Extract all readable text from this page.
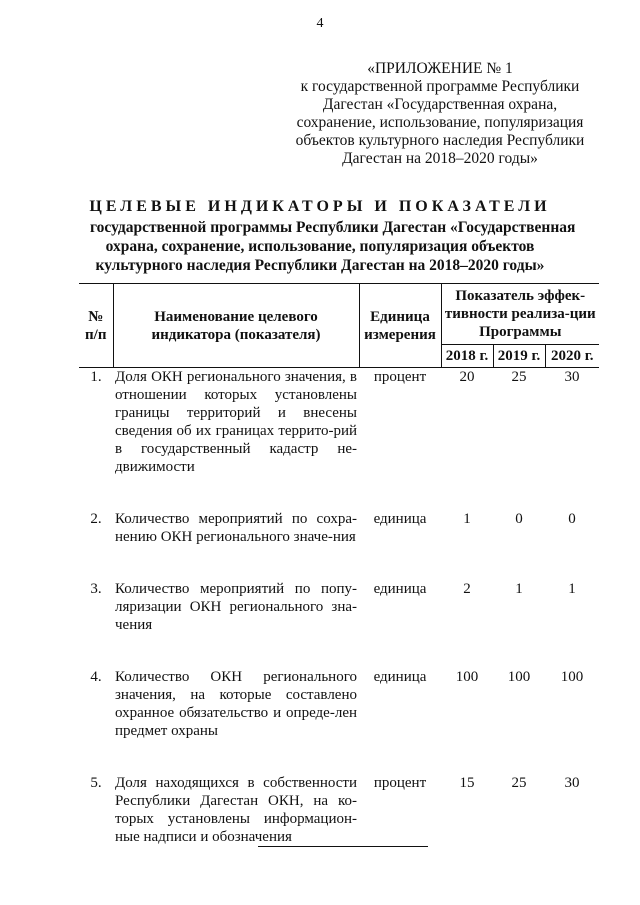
4
«ПРИЛОЖЕНИЕ № 1
к государственной программе Республики
Дагестан «Государственная охрана,
сохранение, использование, популяризация
объектов культурного наследия Республики
Дагестан на 2018–2020 годы»
ЦЕЛЕВЫЕ ИНДИКАТОРЫ И ПОКАЗАТЕЛИ
государственной программы Республики Дагестан «Государственная
охрана, сохранение, использование, популяризация объектов
культурного наследия Республики Дагестан на 2018–2020 годы»
№ п/п	Наименование целевого индикатора (показателя)	Единица измерения	Показатель эффек-тивности реализа-ции Программы		
			2018 г.	2019 г.	2020 г.
1.	Доля ОКН регионального значения, в отношении которых установлены границы территорий и внесены сведения об их границах террито-рий в государственный кадастр не-движимости	процент	20	25	30
2.	Количество мероприятий по сохра-нению ОКН регионального значе-ния	единица	1	0	0
3.	Количество мероприятий по попу-ляризации ОКН регионального зна-чения	единица	2	1	1
4.	Количество ОКН регионального значения, на которые составлено охранное обязательство и опреде-лен предмет охраны	единица	100	100	100
5.	Доля находящихся в собственности Республики Дагестан ОКН, на ко-торых установлены информацион-ные надписи и обозначения	процент	15	25	30
